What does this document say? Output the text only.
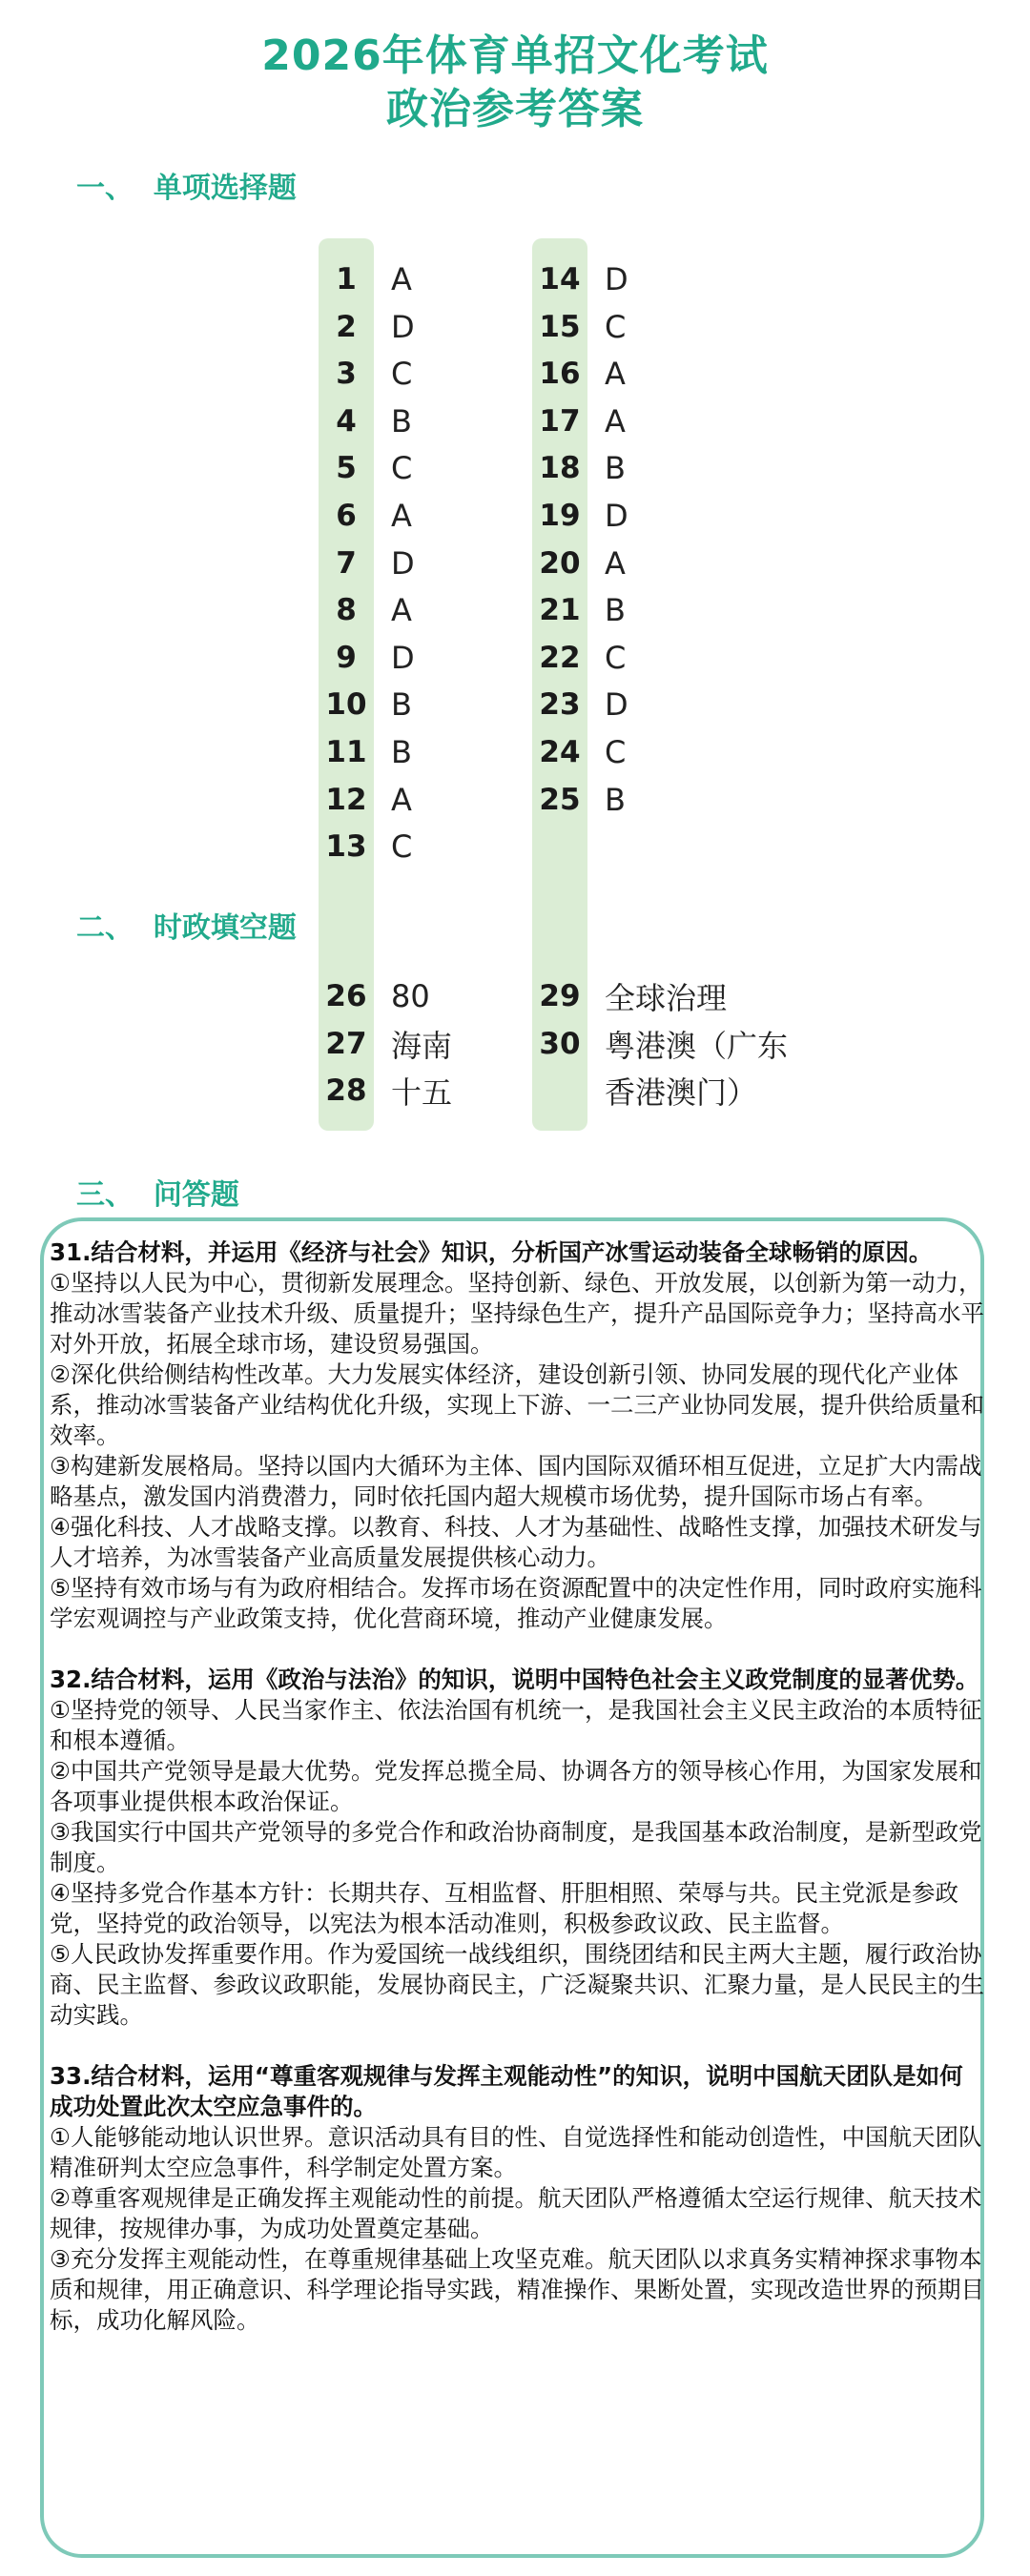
2026年体育单招文化考试
政治参考答案
一、  单项选择题
二、  时政填空题
三、  问答题
1	A
2	D
3	C
4	B
5	C
6	A
7	D
8	A
9	D
10 B
11 B
12 A
13 C
14 D
15 C
16 A
17 A
18 B
19 D
20 A
21 B
22 C
23 D
24 C
25 B
26 80
27 海南
28 十五
29 全球治理
30 粤港澳（广东
香港澳门）
31.结合材料，并运用《经济与社会》知识，分析国产冰雪运动装备全球畅销的原因。
①坚持以人民为中心，贯彻新发展理念。坚持创新、绿色、开放发展，以创新为第一动力，推动冰雪装备产业技术升级、质量提升；坚持绿色生产，提升产品国际竞争力；坚持高水平对外开放，拓展全球市场，建设贸易强国。
②深化供给侧结构性改革。大力发展实体经济，建设创新引领、协同发展的现代化产业体系，推动冰雪装备产业结构优化升级，实现上下游、一二三产业协同发展，提升供给质量和效率。
③构建新发展格局。坚持以国内大循环为主体、国内国际双循环相互促进，立足扩大内需战略基点，激发国内消费潜力，同时依托国内超大规模市场优势，提升国际市场占有率。
④强化科技、人才战略支撑。以教育、科技、人才为基础性、战略性支撑，加强技术研发与人才培养，为冰雪装备产业高质量发展提供核心动力。
⑤坚持有效市场与有为政府相结合。发挥市场在资源配置中的决定性作用，同时政府实施科学宏观调控与产业政策支持，优化营商环境，推动产业健康发展。
32.结合材料，运用《政治与法治》的知识，说明中国特色社会主义政党制度的显著优势。
①坚持党的领导、人民当家作主、依法治国有机统一，是我国社会主义民主政治的本质特征和根本遵循。
②中国共产党领导是最大优势。党发挥总揽全局、协调各方的领导核心作用，为国家发展和各项事业提供根本政治保证。
③我国实行中国共产党领导的多党合作和政治协商制度，是我国基本政治制度，是新型政党制度。
④坚持多党合作基本方针：长期共存、互相监督、肝胆相照、荣辱与共。民主党派是参政党，坚持党的政治领导，以宪法为根本活动准则，积极参政议政、民主监督。
⑤人民政协发挥重要作用。作为爱国统一战线组织，围绕团结和民主两大主题，履行政治协商、民主监督、参政议政职能，发展协商民主，广泛凝聚共识、汇聚力量，是人民民主的生动实践。
33.结合材料，运用“尊重客观规律与发挥主观能动性”的知识，说明中国航天团队是如何成功处置此次太空应急事件的。
①人能够能动地认识世界。意识活动具有目的性、自觉选择性和能动创造性，中国航天团队精准研判太空应急事件，科学制定处置方案。
②尊重客观规律是正确发挥主观能动性的前提。航天团队严格遵循太空运行规律、航天技术规律，按规律办事，为成功处置奠定基础。
③充分发挥主观能动性，在尊重规律基础上攻坚克难。航天团队以求真务实精神探求事物本质和规律，用正确意识、科学理论指导实践，精准操作、果断处置，实现改造世界的预期目标，成功化解风险。
